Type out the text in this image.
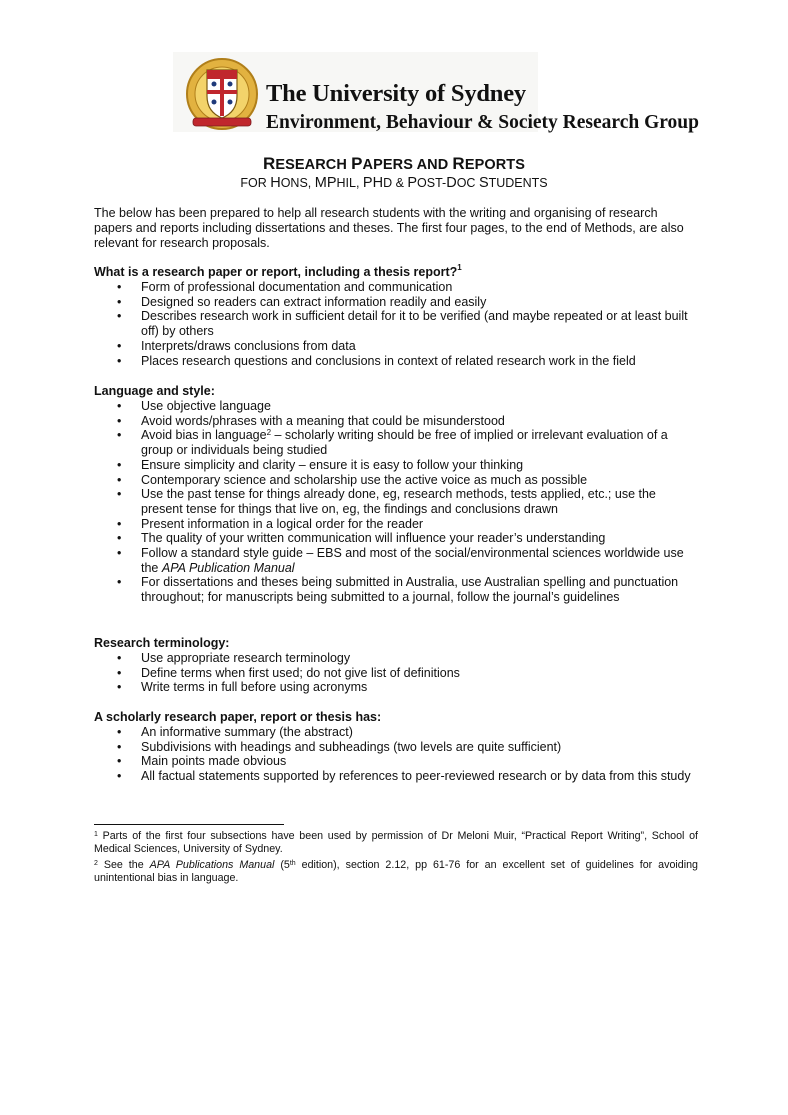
The University of Sydney
Environment, Behaviour & Society Research Group
RESEARCH PAPERS AND REPORTS
FOR HONS, MPHIL, PHD & POST-DOC STUDENTS
The below has been prepared to help all research students with the writing and organising of research papers and reports including dissertations and theses. The first four pages, to the end of Methods, are also relevant for research proposals.
What is a research paper or report, including a thesis report?$^1$
• Form of professional documentation and communication
• Designed so readers can extract information readily and easily
• Describes research work in sufficient detail for it to be verified (and maybe repeated or at least built off) by others
• Interprets/draws conclusions from data
• Places research questions and conclusions in context of related research work in the field
Language and style:
• Use objective language
• Avoid words/phrases with a meaning that could be misunderstood
• Avoid bias in language$^2$ – scholarly writing should be free of implied or irrelevant evaluation of a group or individuals being studied
• Ensure simplicity and clarity – ensure it is easy to follow your thinking
• Contemporary science and scholarship use the active voice as much as possible
• Use the past tense for things already done, eg, research methods, tests applied, etc.; use the present tense for things that live on, eg, the findings and conclusions drawn
• Present information in a logical order for the reader
• The quality of your written communication will influence your reader’s understanding
• Follow a standard style guide – EBS and most of the social/environmental sciences worldwide use the APA Publication Manual
• For dissertations and theses being submitted in Australia, use Australian spelling and punctuation throughout; for manuscripts being submitted to a journal, follow the journal’s guidelines
Research terminology:
• Use appropriate research terminology
• Define terms when first used; do not give list of definitions
• Write terms in full before using acronyms
A scholarly research paper, report or thesis has:
• An informative summary (the abstract)
• Subdivisions with headings and subheadings (two levels are quite sufficient)
• Main points made obvious
• All factual statements supported by references to peer-reviewed research or by data from this study
$^1$ Parts of the first four subsections have been used by permission of Dr Meloni Muir, “Practical Report Writing”, School of Medical Sciences, University of Sydney.
$^2$ See the APA Publications Manual (5th edition), section 2.12, pp 61-76 for an excellent set of guidelines for avoiding unintentional bias in language.
